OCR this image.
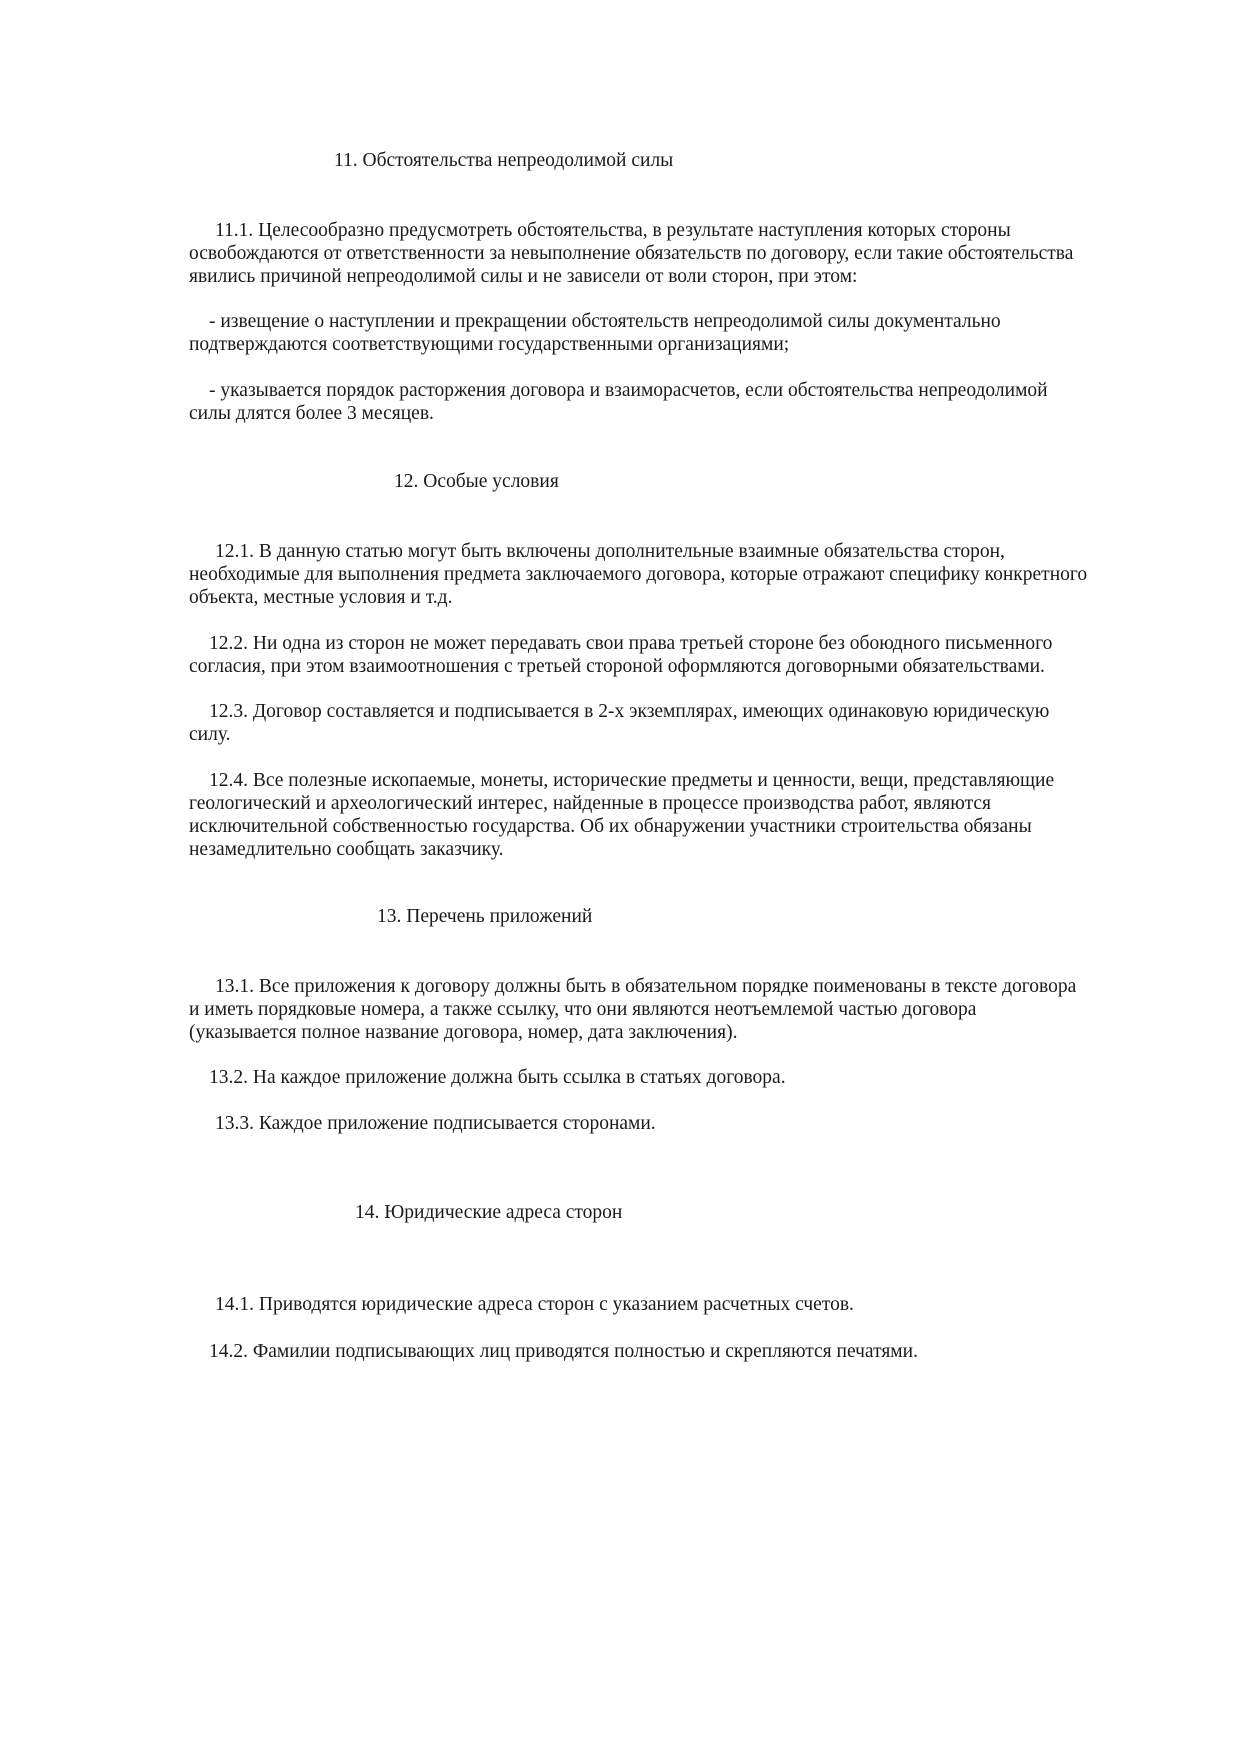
11. Обстоятельства непреодолимой силы
11.1. Целесообразно предусмотреть обстоятельства, в результате наступления которых стороны
освобождаются от ответственности за невыполнение обязательств по договору, если такие обстоятельства
явились причиной непреодолимой силы и не зависели от воли сторон, при этом:
- извещение о наступлении и прекращении обстоятельств непреодолимой силы документально
подтверждаются соответствующими государственными организациями;
- указывается порядок расторжения договора и взаиморасчетов, если обстоятельства непреодолимой
силы длятся более 3 месяцев.
12. Особые условия
12.1. В данную статью могут быть включены дополнительные взаимные обязательства сторон,
необходимые для выполнения предмета заключаемого договора, которые отражают специфику конкретного
объекта, местные условия и т.д.
12.2. Ни одна из сторон не может передавать свои права третьей стороне без обоюдного письменного
согласия, при этом взаимоотношения с третьей стороной оформляются договорными обязательствами.
12.3. Договор составляется и подписывается в 2-х экземплярах, имеющих одинаковую юридическую
силу.
12.4. Все полезные ископаемые, монеты, исторические предметы и ценности, вещи, представляющие
геологический и археологический интерес, найденные в процессе производства работ, являются
исключительной собственностью государства. Об их обнаружении участники строительства обязаны
незамедлительно сообщать заказчику.
13. Перечень приложений
13.1. Все приложения к договору должны быть в обязательном порядке поименованы в тексте договора
и иметь порядковые номера, а также ссылку, что они являются неотъемлемой частью договора
(указывается полное название договора, номер, дата заключения).
13.2. На каждое приложение должна быть ссылка в статьях договора.
13.3. Каждое приложение подписывается сторонами.
14. Юридические адреса сторон
14.1. Приводятся юридические адреса сторон с указанием расчетных счетов.
14.2. Фамилии подписывающих лиц приводятся полностью и скрепляются печатями.
